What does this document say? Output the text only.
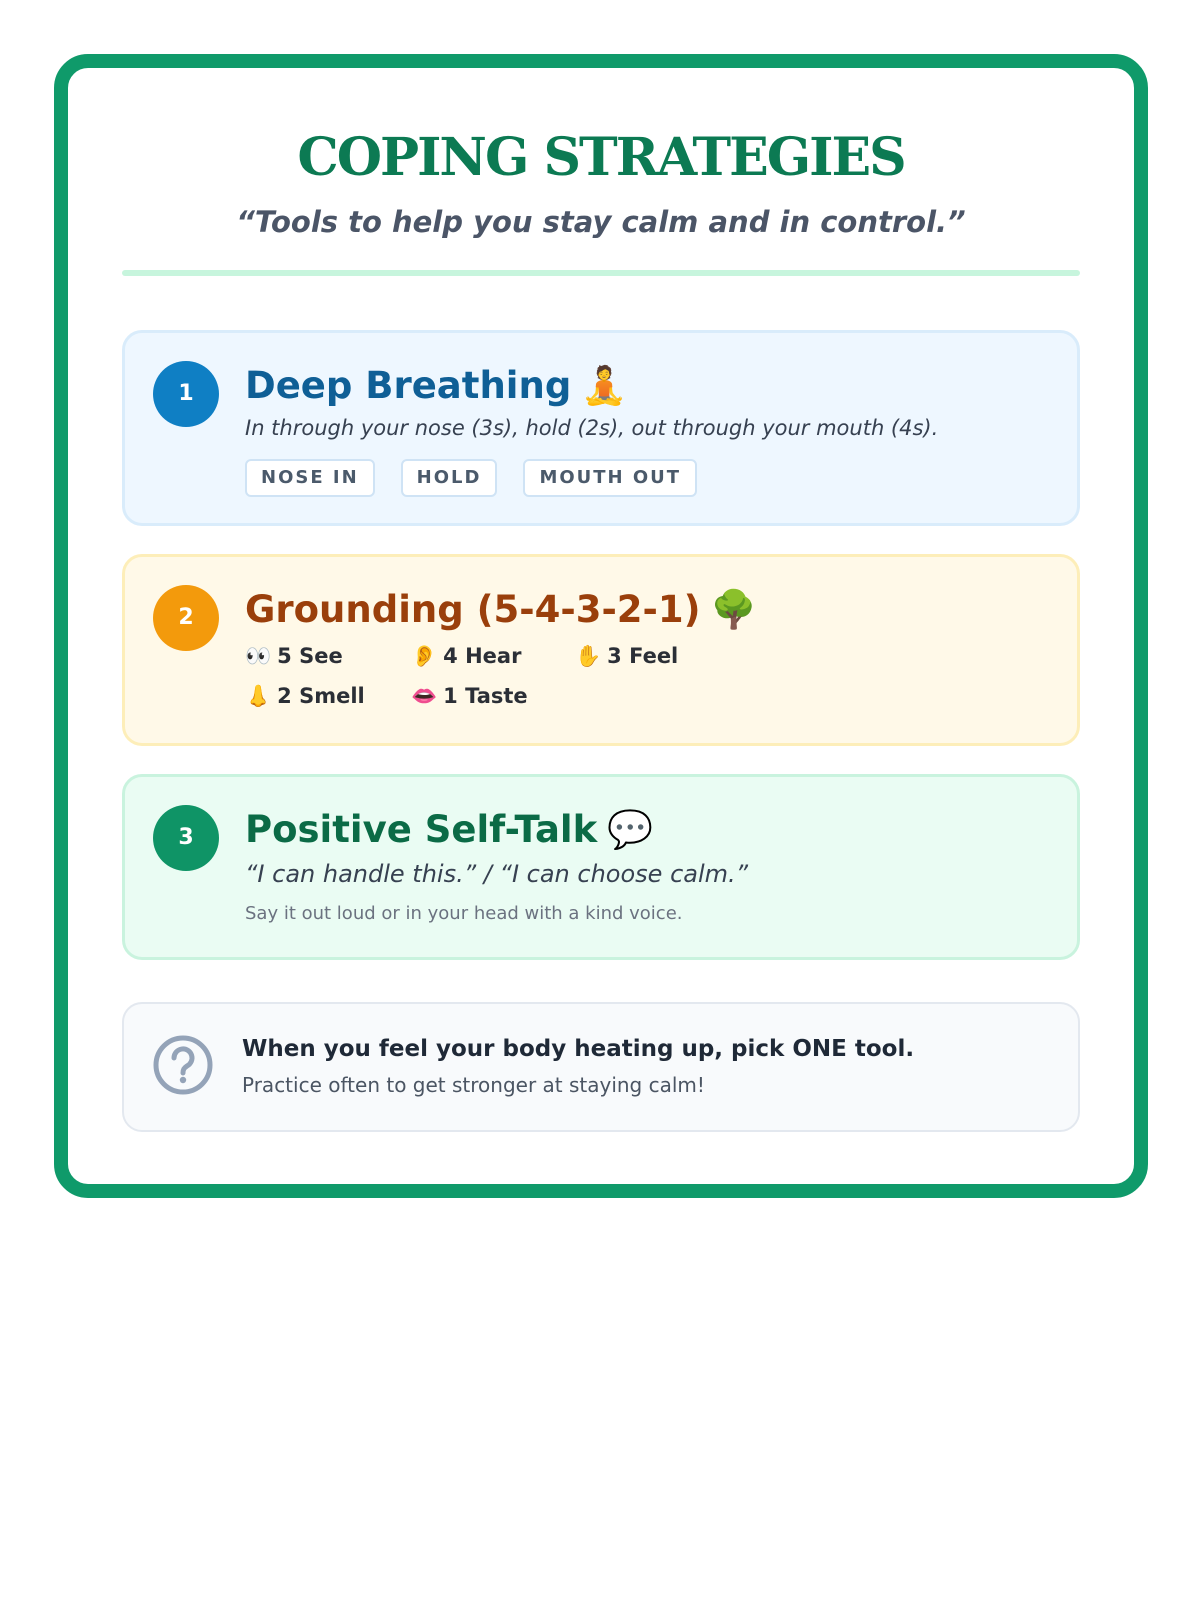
COPING STRATEGIES

“Tools to help you stay calm and in control.”

1	Deep Breathing 🧘
In through your nose (3s), hold (2s), out through your mouth (4s).
NOSE IN	HOLD	MOUTH OUT
2	Grounding (5-4-3-2-1) 🌳
👀 5 See	👂 4 Hear	✋ 3 Feel
👃 2 Smell 👄 1 Taste
3	Positive Self-Talk 💬
“I can handle this.” / “I can choose calm.”
Say it out loud or in your head with a kind voice.
When you feel your body heating up, pick ONE tool.
Practice often to get stronger at staying calm!
